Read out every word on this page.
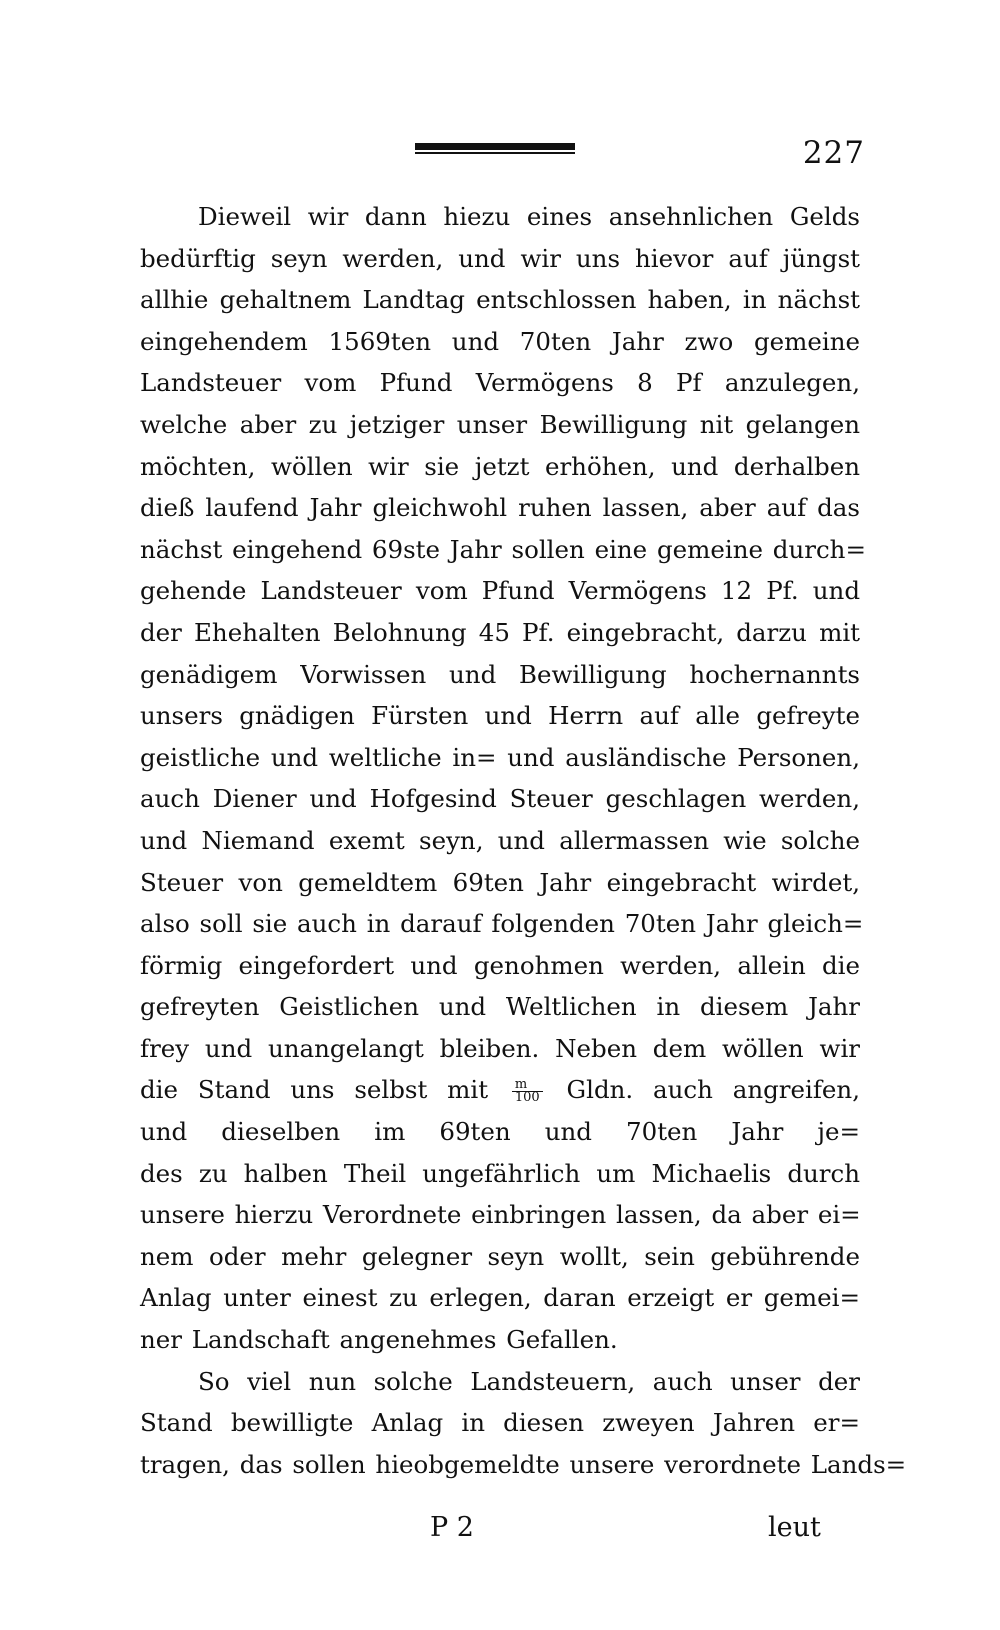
227
Dieweil wir dann hiezu eines ansehnlichen Gelds
bedürftig seyn werden, und wir uns hievor auf jüngst
allhie gehaltnem Landtag entschlossen haben, in nächst
eingehendem 1569ten und 70ten Jahr zwo gemeine
Landsteuer vom Pfund Vermögens 8 Pf anzulegen,
welche aber zu jetziger unser Bewilligung nit gelangen
möchten, wöllen wir sie jetzt erhöhen, und derhalben
dieß laufend Jahr gleichwohl ruhen lassen, aber auf das
nächst eingehend 69ste Jahr sollen eine gemeine durch=
gehende Landsteuer vom Pfund Vermögens 12 Pf. und
der Ehehalten Belohnung 45 Pf. eingebracht, darzu mit
genädigem Vorwissen und Bewilligung hochernannts
unsers gnädigen Fürsten und Herrn auf alle gefreyte
geistliche und weltliche in= und ausländische Personen,
auch Diener und Hofgesind Steuer geschlagen werden,
und Niemand exemt seyn, und allermassen wie solche
Steuer von gemeldtem 69ten Jahr eingebracht wirdet,
also soll sie auch in darauf folgenden 70ten Jahr gleich=
förmig eingefordert und genohmen werden, allein die
gefreyten Geistlichen und Weltlichen in diesem Jahr
frey und unangelangt bleiben. Neben dem wöllen wir
die Stand uns selbst mit $\frac{m}{100}$ Gldn. auch angreifen,
und dieselben im 69ten und 70ten Jahr je=
des zu halben Theil ungefährlich um Michaelis durch
unsere hierzu Verordnete einbringen lassen, da aber ei=
nem oder mehr gelegner seyn wollt, sein gebührende
Anlag unter einest zu erlegen, daran erzeigt er gemei=
ner Landschaft angenehmes Gefallen.
So viel nun solche Landsteuern, auch unser der
Stand bewilligte Anlag in diesen zweyen Jahren er=
tragen, das sollen hieobgemeldte unsere verordnete Lands=
P 2	leut
